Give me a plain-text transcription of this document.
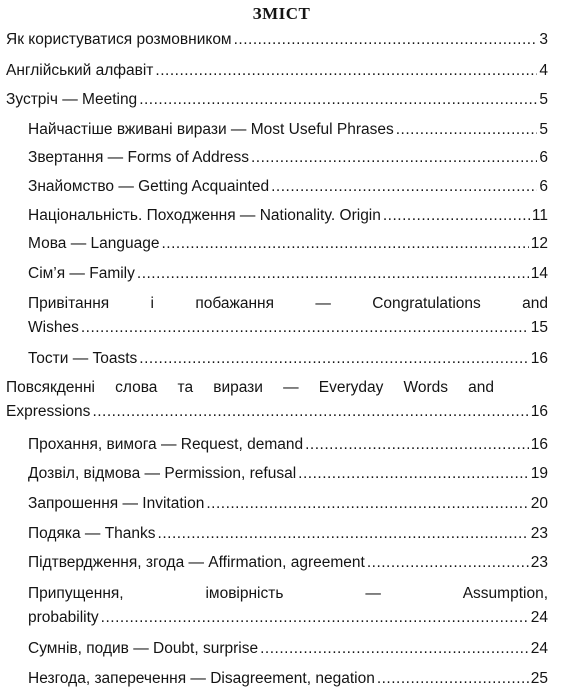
ЗМІСТ
Як користуватися розмовником .....	3
Англійський алфавіт .....	4
Зустріч — Meeting .....	5
Найчастіше вживані вирази — Most Useful Phrases .....	5
Звертання — Forms of Address .....	6
Знайомство — Getting Acquainted .....	6
Національність. Походження — Nationality. Origin .....	11
Мова — Language .....	12
Сім’я — Family .....	14
Привітання і побажання — Congratulations and
Wishes .....	15
Тости — Toasts .....	16
Повсякденні слова та вирази — Everyday Words and
Expressions .....	16
Прохання, вимога — Request, demand .....	16
Дозвіл, відмова — Permission, refusal .....	19
Запрошення — Invitation .....	20
Подяка — Thanks .....	23
Підтвердження, згода — Affirmation, agreement .....	23
Припущення, імовірність — Assumption,
probability .....	24
Сумнів, подив — Doubt, surprise .....	24
Незгода, заперечення — Disagreement, negation .....	25
